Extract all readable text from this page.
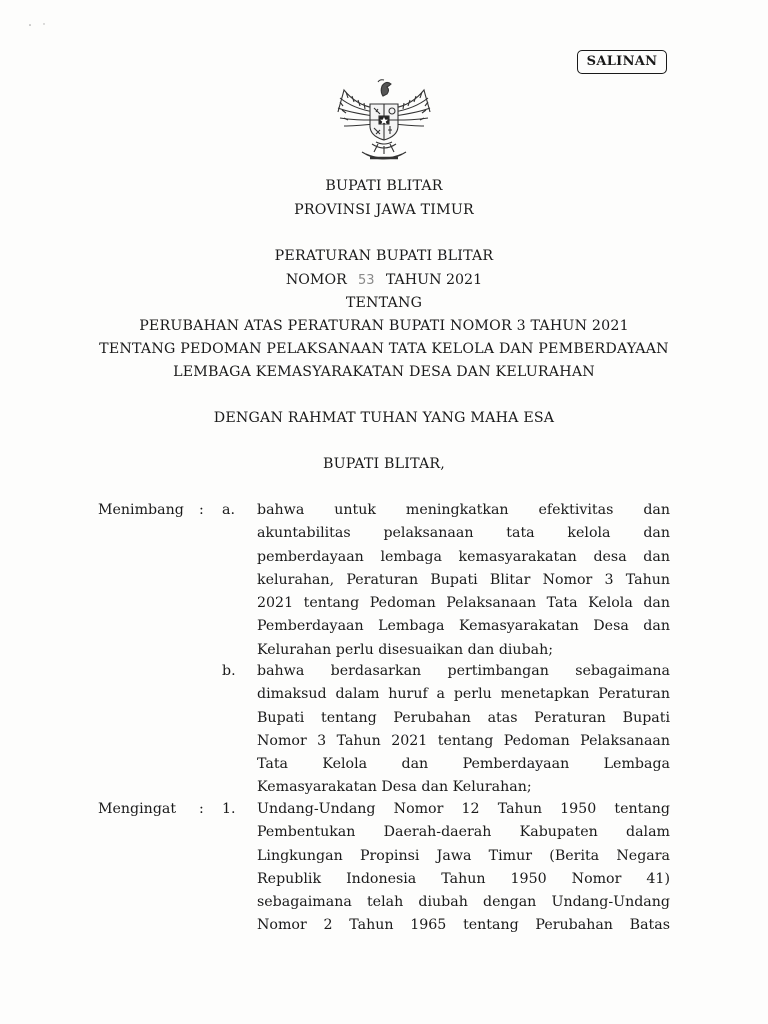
SALINAN
BUPATI BLITAR
PROVINSI JAWA TIMUR
PERATURAN BUPATI BLITAR
NOMOR 53 TAHUN 2021
TENTANG
PERUBAHAN ATAS PERATURAN BUPATI NOMOR 3 TAHUN 2021
TENTANG PEDOMAN PELAKSANAAN TATA KELOLA DAN PEMBERDAYAAN
LEMBAGA KEMASYARAKATAN DESA DAN KELURAHAN
DENGAN RAHMAT TUHAN YANG MAHA ESA
BUPATI BLITAR,
Menimbang : a. bahwa untuk meningkatkan efektivitas dan
akuntabilitas pelaksanaan tata kelola dan
pemberdayaan lembaga kemasyarakatan desa dan
kelurahan, Peraturan Bupati Blitar Nomor 3 Tahun
2021 tentang Pedoman Pelaksanaan Tata Kelola dan
Pemberdayaan Lembaga Kemasyarakatan Desa dan
Kelurahan perlu disesuaikan dan diubah;
b. bahwa berdasarkan pertimbangan sebagaimana
dimaksud dalam huruf a perlu menetapkan Peraturan
Bupati tentang Perubahan atas Peraturan Bupati
Nomor 3 Tahun 2021 tentang Pedoman Pelaksanaan
Tata Kelola dan Pemberdayaan Lembaga
Kemasyarakatan Desa dan Kelurahan;
Mengingat : 1. Undang-Undang Nomor 12 Tahun 1950 tentang
Pembentukan Daerah-daerah Kabupaten dalam
Lingkungan Propinsi Jawa Timur (Berita Negara
Republik Indonesia Tahun 1950 Nomor 41)
sebagaimana telah diubah dengan Undang-Undang
Nomor 2 Tahun 1965 tentang Perubahan Batas
